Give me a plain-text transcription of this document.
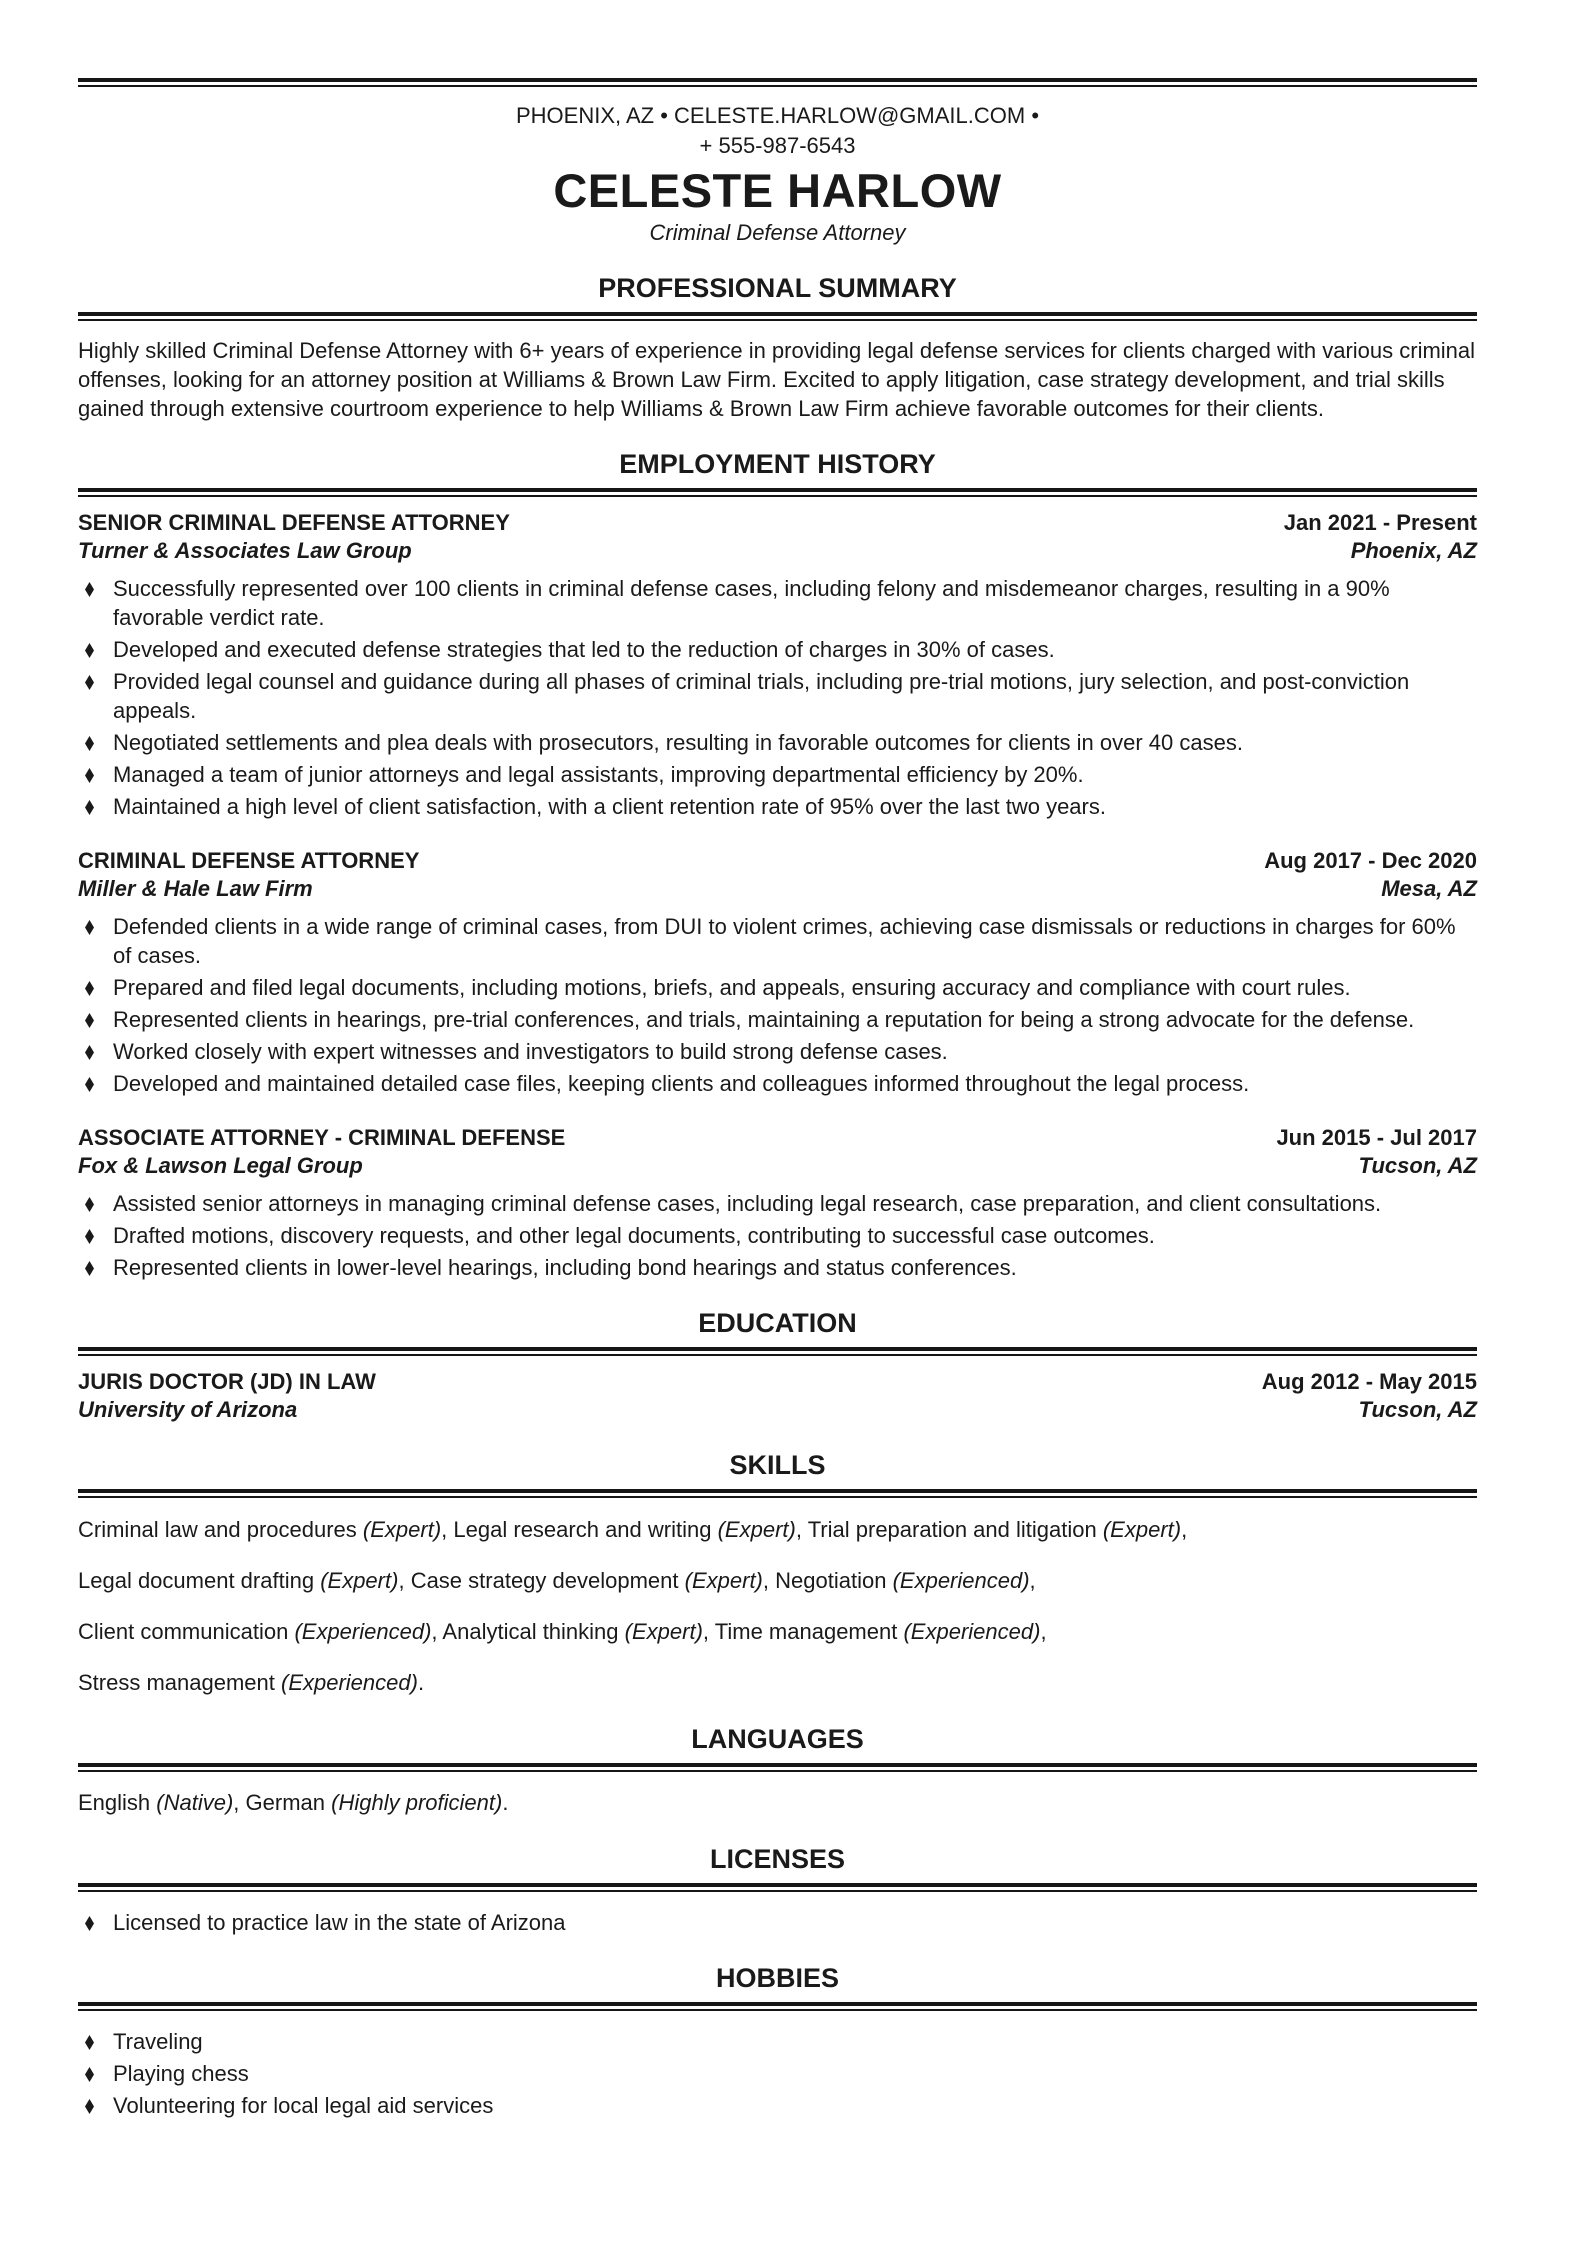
PHOENIX, AZ • CELESTE.HARLOW@GMAIL.COM •
+ 555-987-6543
CELESTE HARLOW
Criminal Defense Attorney
PROFESSIONAL SUMMARY

Highly skilled Criminal Defense Attorney with 6+ years of experience in providing legal defense services for clients charged with various criminal offenses, looking for an attorney position at Williams & Brown Law Firm. Excited to apply litigation, case strategy development, and trial skills gained through extensive courtroom experience to help Williams & Brown Law Firm achieve favorable outcomes for their clients.

EMPLOYMENT HISTORY
SENIOR CRIMINAL DEFENSE ATTORNEY
Turner & Associates Law Group
Jan 2021 - Present
Phoenix, AZ
Successfully represented over 100 clients in criminal defense cases, including felony and misdemeanor charges, resulting in a 90% favorable verdict rate.
Developed and executed defense strategies that led to the reduction of charges in 30% of cases.
Provided legal counsel and guidance during all phases of criminal trials, including pre-trial motions, jury selection, and post-conviction appeals.
Negotiated settlements and plea deals with prosecutors, resulting in favorable outcomes for clients in over 40 cases.
Managed a team of junior attorneys and legal assistants, improving departmental efficiency by 20%.
Maintained a high level of client satisfaction, with a client retention rate of 95% over the last two years.
CRIMINAL DEFENSE ATTORNEY
Miller & Hale Law Firm
Aug 2017 - Dec 2020
Mesa, AZ
Defended clients in a wide range of criminal cases, from DUI to violent crimes, achieving case dismissals or reductions in charges for 60% of cases.
Prepared and filed legal documents, including motions, briefs, and appeals, ensuring accuracy and compliance with court rules.
Represented clients in hearings, pre-trial conferences, and trials, maintaining a reputation for being a strong advocate for the defense.
Worked closely with expert witnesses and investigators to build strong defense cases.
Developed and maintained detailed case files, keeping clients and colleagues informed throughout the legal process.
ASSOCIATE ATTORNEY - CRIMINAL DEFENSE
Fox & Lawson Legal Group
Jun 2015 - Jul 2017
Tucson, AZ
Assisted senior attorneys in managing criminal defense cases, including legal research, case preparation, and client consultations.
Drafted motions, discovery requests, and other legal documents, contributing to successful case outcomes.
Represented clients in lower-level hearings, including bond hearings and status conferences.
EDUCATION
JURIS DOCTOR (JD) IN LAW
University of Arizona
Aug 2012 - May 2015
Tucson, AZ
SKILLS

Criminal law and procedures (Expert), Legal research and writing (Expert), Trial preparation and litigation (Expert),

Legal document drafting (Expert), Case strategy development (Expert), Negotiation (Experienced),

Client communication (Experienced), Analytical thinking (Expert), Time management (Experienced),

Stress management (Experienced).

LANGUAGES

English (Native), German (Highly proficient).

LICENSES
Licensed to practice law in the state of Arizona
HOBBIES
Traveling
Playing chess
Volunteering for local legal aid services
